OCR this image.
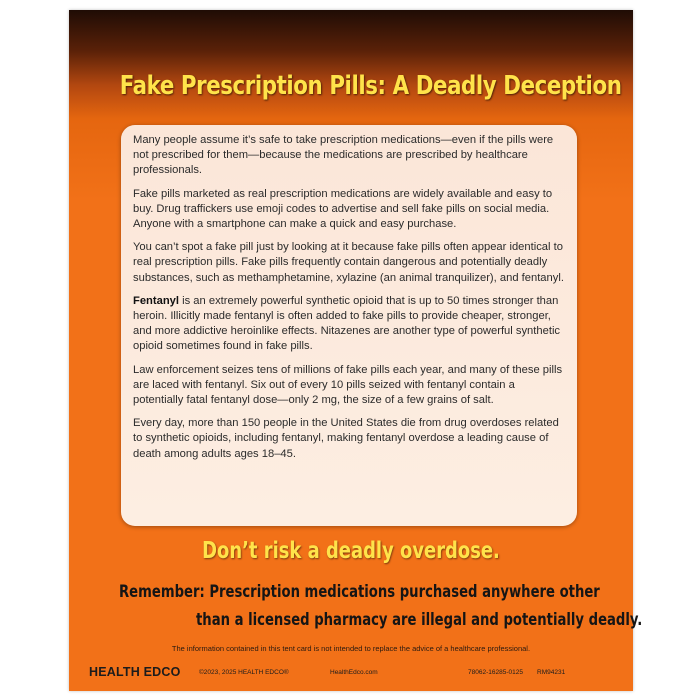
Fake Prescription Pills: A Deadly Deception

Many people assume it’s safe to take prescription medications—even if the pills were not prescribed for them—because the medications are prescribed by healthcare professionals.

Fake pills marketed as real prescription medications are widely available and easy to buy. Drug traffickers use emoji codes to advertise and sell fake pills on social media. Anyone with a smartphone can make a quick and easy purchase.

You can’t spot a fake pill just by looking at it because fake pills often appear identical to real prescription pills. Fake pills frequently contain dangerous and potentially deadly substances, such as methamphetamine, xylazine (an animal tranquilizer), and fentanyl.

Fentanyl is an extremely powerful synthetic opioid that is up to 50 times stronger than heroin. Illicitly made fentanyl is often added to fake pills to provide cheaper, stronger, and more addictive heroinlike effects. Nitazenes are another type of powerful synthetic opioid sometimes found in fake pills.

Law enforcement seizes tens of millions of fake pills each year, and many of these pills are laced with fentanyl. Six out of every 10 pills seized with fentanyl contain a potentially fatal fentanyl dose—only 2 mg, the size of a few grains of salt.

Every day, more than 150 people in the United States die from drug overdoses related to synthetic opioids, including fentanyl, making fentanyl overdose a leading cause of death among adults ages 18–45.

Don’t risk a deadly overdose.
Remember: Prescription medications purchased anywhere other
than a licensed pharmacy are illegal and potentially deadly.
The information contained in this tent card is not intended to replace the advice of a healthcare professional.
HEALTH EDCO	©2023, 2025 HEALTH EDCO®	HealthEdco.com	78062-16285-0125 RM94231
